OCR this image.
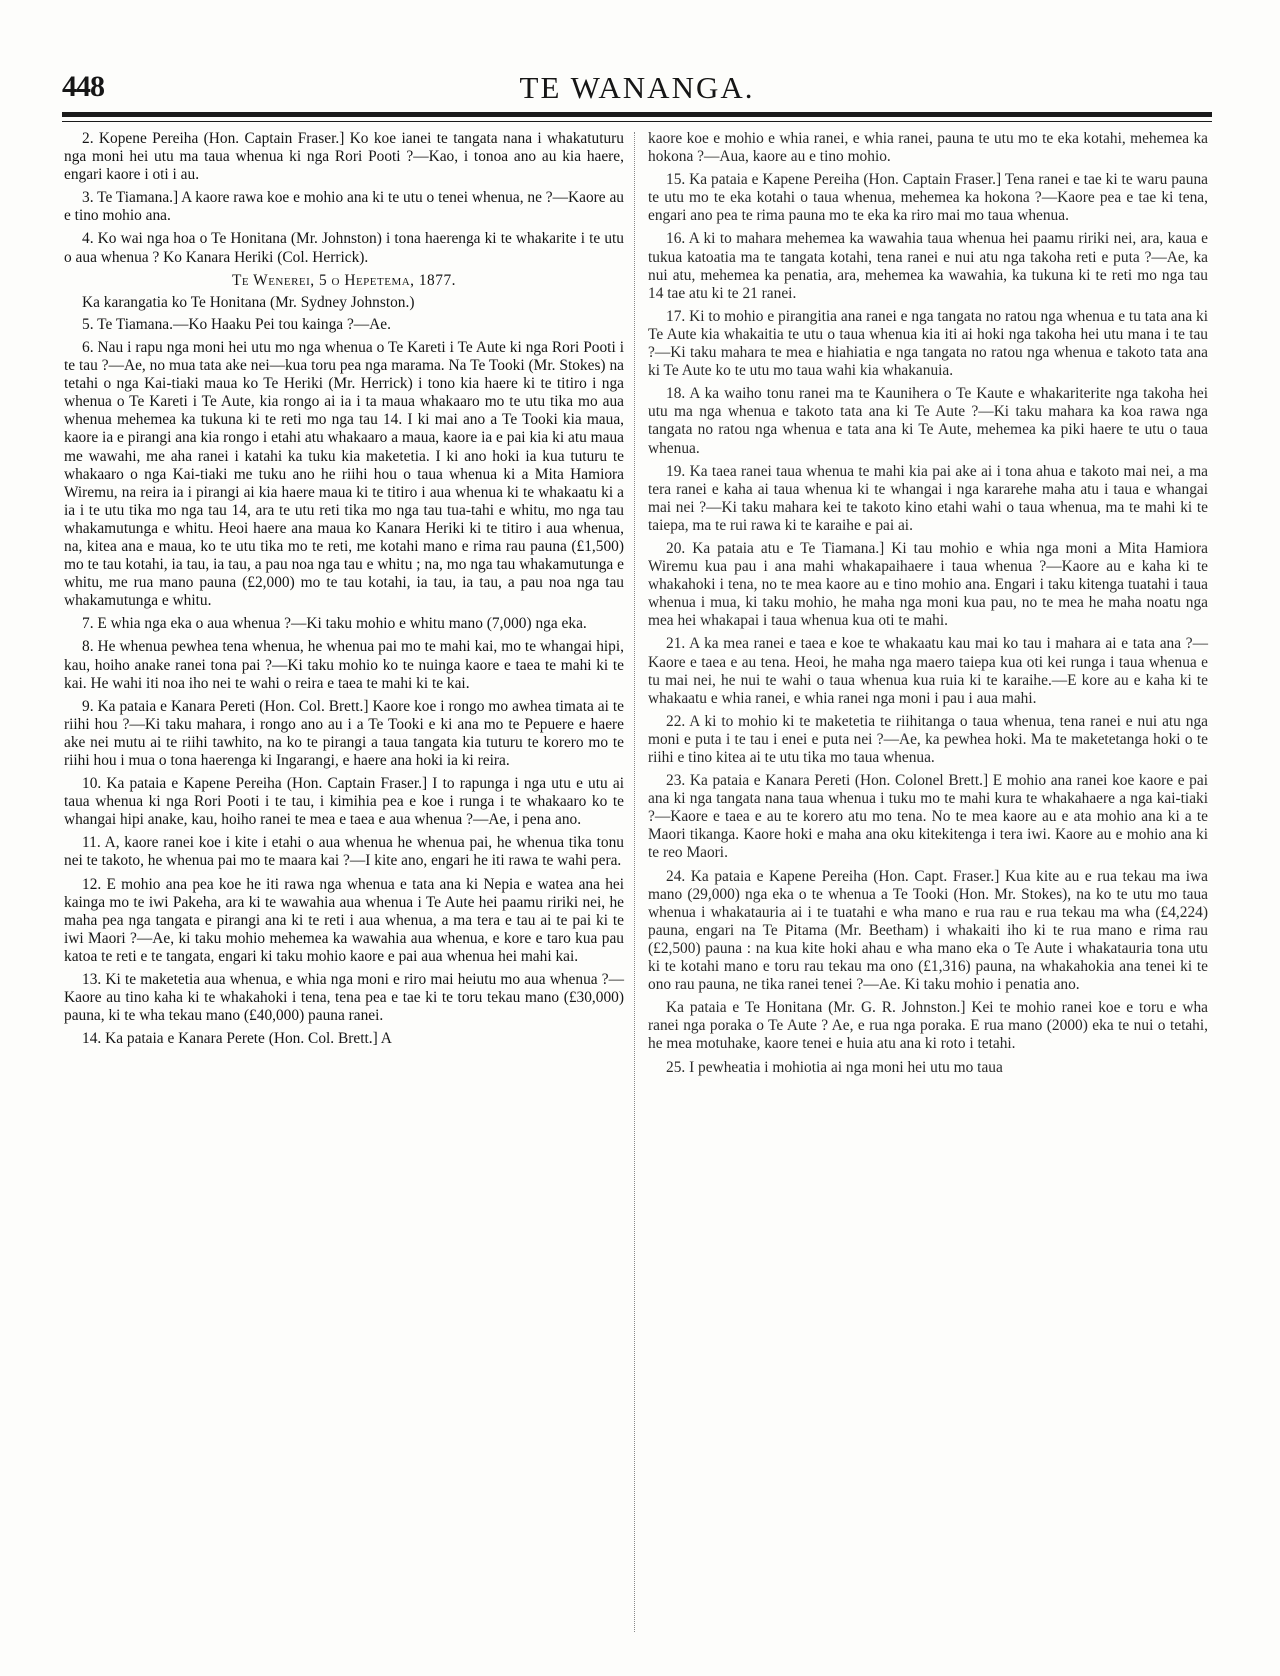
448	TE WANANGA.

2. Kopene Pereiha (Hon. Captain Fraser.] Ko koe ianei te tangata nana i whakatuturu nga moni hei utu ma taua whenua ki nga Rori Pooti ?—Kao, i tonoa ano au kia haere, engari kaore i oti i au.

3. Te Tiamana.] A kaore rawa koe e mohio ana ki te utu o tenei whenua, ne ?—Kaore au e tino mohio ana.

4. Ko wai nga hoa o Te Honitana (Mr. Johnston) i tona haerenga ki te whakarite i te utu o aua whenua ? Ko Kanara Heriki (Col. Herrick).

Te Wenerei, 5 o Hepetema, 1877.

Ka karangatia ko Te Honitana (Mr. Sydney Johnston.)

5. Te Tiamana.—Ko Haaku Pei tou kainga ?—Ae.

6. Nau i rapu nga moni hei utu mo nga whenua o Te Kareti i Te Aute ki nga Rori Pooti i te tau ?—Ae, no mua tata ake nei—kua toru pea nga marama. Na Te Tooki (Mr. Stokes) na tetahi o nga Kai-tiaki maua ko Te Heriki (Mr. Herrick) i tono kia haere ki te titiro i nga whenua o Te Kareti i Te Aute, kia rongo ai ia i ta maua whakaaro mo te utu tika mo aua whenua mehemea ka tukuna ki te reti mo nga tau 14. I ki mai ano a Te Tooki kia maua, kaore ia e pirangi ana kia rongo i etahi atu whakaaro a maua, kaore ia e pai kia ki atu maua me wawahi, me aha ranei i katahi ka tuku kia maketetia. I ki ano hoki ia kua tuturu te whakaaro o nga Kai-tiaki me tuku ano he riihi hou o taua whenua ki a Mita Hamiora Wiremu, na reira ia i pirangi ai kia haere maua ki te titiro i aua whenua ki te whakaatu ki a ia i te utu tika mo nga tau 14, ara te utu reti tika mo nga tau tua-tahi e whitu, mo nga tau whakamutunga e whitu. Heoi haere ana maua ko Kanara Heriki ki te titiro i aua whenua, na, kitea ana e maua, ko te utu tika mo te reti, me kotahi mano e rima rau pauna (£1,500) mo te tau kotahi, ia tau, ia tau, a pau noa nga tau e whitu ; na, mo nga tau whakamutunga e whitu, me rua mano pauna (£2,000) mo te tau kotahi, ia tau, ia tau, a pau noa nga tau whakamutunga e whitu.

7. E whia nga eka o aua whenua ?—Ki taku mohio e whitu mano (7,000) nga eka.

8. He whenua pewhea tena whenua, he whenua pai mo te mahi kai, mo te whangai hipi, kau, hoiho anake ranei tona pai ?—Ki taku mohio ko te nuinga kaore e taea te mahi ki te kai. He wahi iti noa iho nei te wahi o reira e taea te mahi ki te kai.

9. Ka pataia e Kanara Pereti (Hon. Col. Brett.] Kaore koe i rongo mo awhea timata ai te riihi hou ?—Ki taku mahara, i rongo ano au i a Te Tooki e ki ana mo te Pepuere e haere ake nei mutu ai te riihi tawhito, na ko te pirangi a taua tangata kia tuturu te korero mo te riihi hou i mua o tona haerenga ki Ingarangi, e haere ana hoki ia ki reira.

10. Ka pataia e Kapene Pereiha (Hon. Captain Fraser.] I to rapunga i nga utu e utu ai taua whenua ki nga Rori Pooti i te tau, i kimihia pea e koe i runga i te whakaaro ko te whangai hipi anake, kau, hoiho ranei te mea e taea e aua whenua ?—Ae, i pena ano.

11. A, kaore ranei koe i kite i etahi o aua whenua he whenua pai, he whenua tika tonu nei te takoto, he whenua pai mo te maara kai ?—I kite ano, engari he iti rawa te wahi pera.

12. E mohio ana pea koe he iti rawa nga whenua e tata ana ki Nepia e watea ana hei kainga mo te iwi Pakeha, ara ki te wawahia aua whenua i Te Aute hei paamu ririki nei, he maha pea nga tangata e pirangi ana ki te reti i aua whenua, a ma tera e tau ai te pai ki te iwi Maori ?—Ae, ki taku mohio mehemea ka wawahia aua whenua, e kore e taro kua pau katoa te reti e te tangata, engari ki taku mohio kaore e pai aua whenua hei mahi kai.

13. Ki te maketetia aua whenua, e whia nga moni e riro mai heiutu mo aua whenua ?—Kaore au tino kaha ki te whakahoki i tena, tena pea e tae ki te toru tekau mano (£30,000) pauna, ki te wha tekau mano (£40,000) pauna ranei.

14. Ka pataia e Kanara Perete (Hon. Col. Brett.] A

kaore koe e mohio e whia ranei, e whia ranei, pauna te utu mo te eka kotahi, mehemea ka hokona ?—Aua, kaore au e tino mohio.

15. Ka pataia e Kapene Pereiha (Hon. Captain Fraser.] Tena ranei e tae ki te waru pauna te utu mo te eka kotahi o taua whenua, mehemea ka hokona ?—Kaore pea e tae ki tena, engari ano pea te rima pauna mo te eka ka riro mai mo taua whenua.

16. A ki to mahara mehemea ka wawahia taua whenua hei paamu ririki nei, ara, kaua e tukua katoatia ma te tangata kotahi, tena ranei e nui atu nga takoha reti e puta ?—Ae, ka nui atu, mehemea ka penatia, ara, mehemea ka wawahia, ka tukuna ki te reti mo nga tau 14 tae atu ki te 21 ranei.

17. Ki to mohio e pirangitia ana ranei e nga tangata no ratou nga whenua e tu tata ana ki Te Aute kia whakaitia te utu o taua whenua kia iti ai hoki nga takoha hei utu mana i te tau ?—Ki taku mahara te mea e hiahiatia e nga tangata no ratou nga whenua e takoto tata ana ki Te Aute ko te utu mo taua wahi kia whakanuia.

18. A ka waiho tonu ranei ma te Kaunihera o Te Kaute e whakariterite nga takoha hei utu ma nga whenua e takoto tata ana ki Te Aute ?—Ki taku mahara ka koa rawa nga tangata no ratou nga whenua e tata ana ki Te Aute, mehemea ka piki haere te utu o taua whenua.

19. Ka taea ranei taua whenua te mahi kia pai ake ai i tona ahua e takoto mai nei, a ma tera ranei e kaha ai taua whenua ki te whangai i nga kararehe maha atu i taua e whangai mai nei ?—Ki taku mahara kei te takoto kino etahi wahi o taua whenua, ma te mahi ki te taiepa, ma te rui rawa ki te karaihe e pai ai.

20. Ka pataia atu e Te Tiamana.] Ki tau mohio e whia nga moni a Mita Hamiora Wiremu kua pau i ana mahi whakapaihaere i taua whenua ?—Kaore au e kaha ki te whakahoki i tena, no te mea kaore au e tino mohio ana. Engari i taku kitenga tuatahi i taua whenua i mua, ki taku mohio, he maha nga moni kua pau, no te mea he maha noatu nga mea hei whakapai i taua whenua kua oti te mahi.

21. A ka mea ranei e taea e koe te whakaatu kau mai ko tau i mahara ai e tata ana ?—Kaore e taea e au tena. Heoi, he maha nga maero taiepa kua oti kei runga i taua whenua e tu mai nei, he nui te wahi o taua whenua kua ruia ki te karaihe.—E kore au e kaha ki te whakaatu e whia ranei, e whia ranei nga moni i pau i aua mahi.

22. A ki to mohio ki te maketetia te riihitanga o taua whenua, tena ranei e nui atu nga moni e puta i te tau i enei e puta nei ?—Ae, ka pewhea hoki. Ma te maketetanga hoki o te riihi e tino kitea ai te utu tika mo taua whenua.

23. Ka pataia e Kanara Pereti (Hon. Colonel Brett.] E mohio ana ranei koe kaore e pai ana ki nga tangata nana taua whenua i tuku mo te mahi kura te whakahaere a nga kai-tiaki ?—Kaore e taea e au te korero atu mo tena. No te mea kaore au e ata mohio ana ki a te Maori tikanga. Kaore hoki e maha ana oku kitekitenga i tera iwi. Kaore au e mohio ana ki te reo Maori.

24. Ka pataia e Kapene Pereiha (Hon. Capt. Fraser.] Kua kite au e rua tekau ma iwa mano (29,000) nga eka o te whenua a Te Tooki (Hon. Mr. Stokes), na ko te utu mo taua whenua i whakatauria ai i te tuatahi e wha mano e rua rau e rua tekau ma wha (£4,224) pauna, engari na Te Pitama (Mr. Beetham) i whakaiti iho ki te rua mano e rima rau (£2,500) pauna : na kua kite hoki ahau e wha mano eka o Te Aute i whakatauria tona utu ki te kotahi mano e toru rau tekau ma ono (£1,316) pauna, na whakahokia ana tenei ki te ono rau pauna, ne tika ranei tenei ?—Ae. Ki taku mohio i penatia ano.

Ka pataia e Te Honitana (Mr. G. R. Johnston.] Kei te mohio ranei koe e toru e wha ranei nga poraka o Te Aute ? Ae, e rua nga poraka. E rua mano (2000) eka te nui o tetahi, he mea motuhake, kaore tenei e huia atu ana ki roto i tetahi.

25. I pewheatia i mohiotia ai nga moni hei utu mo taua
